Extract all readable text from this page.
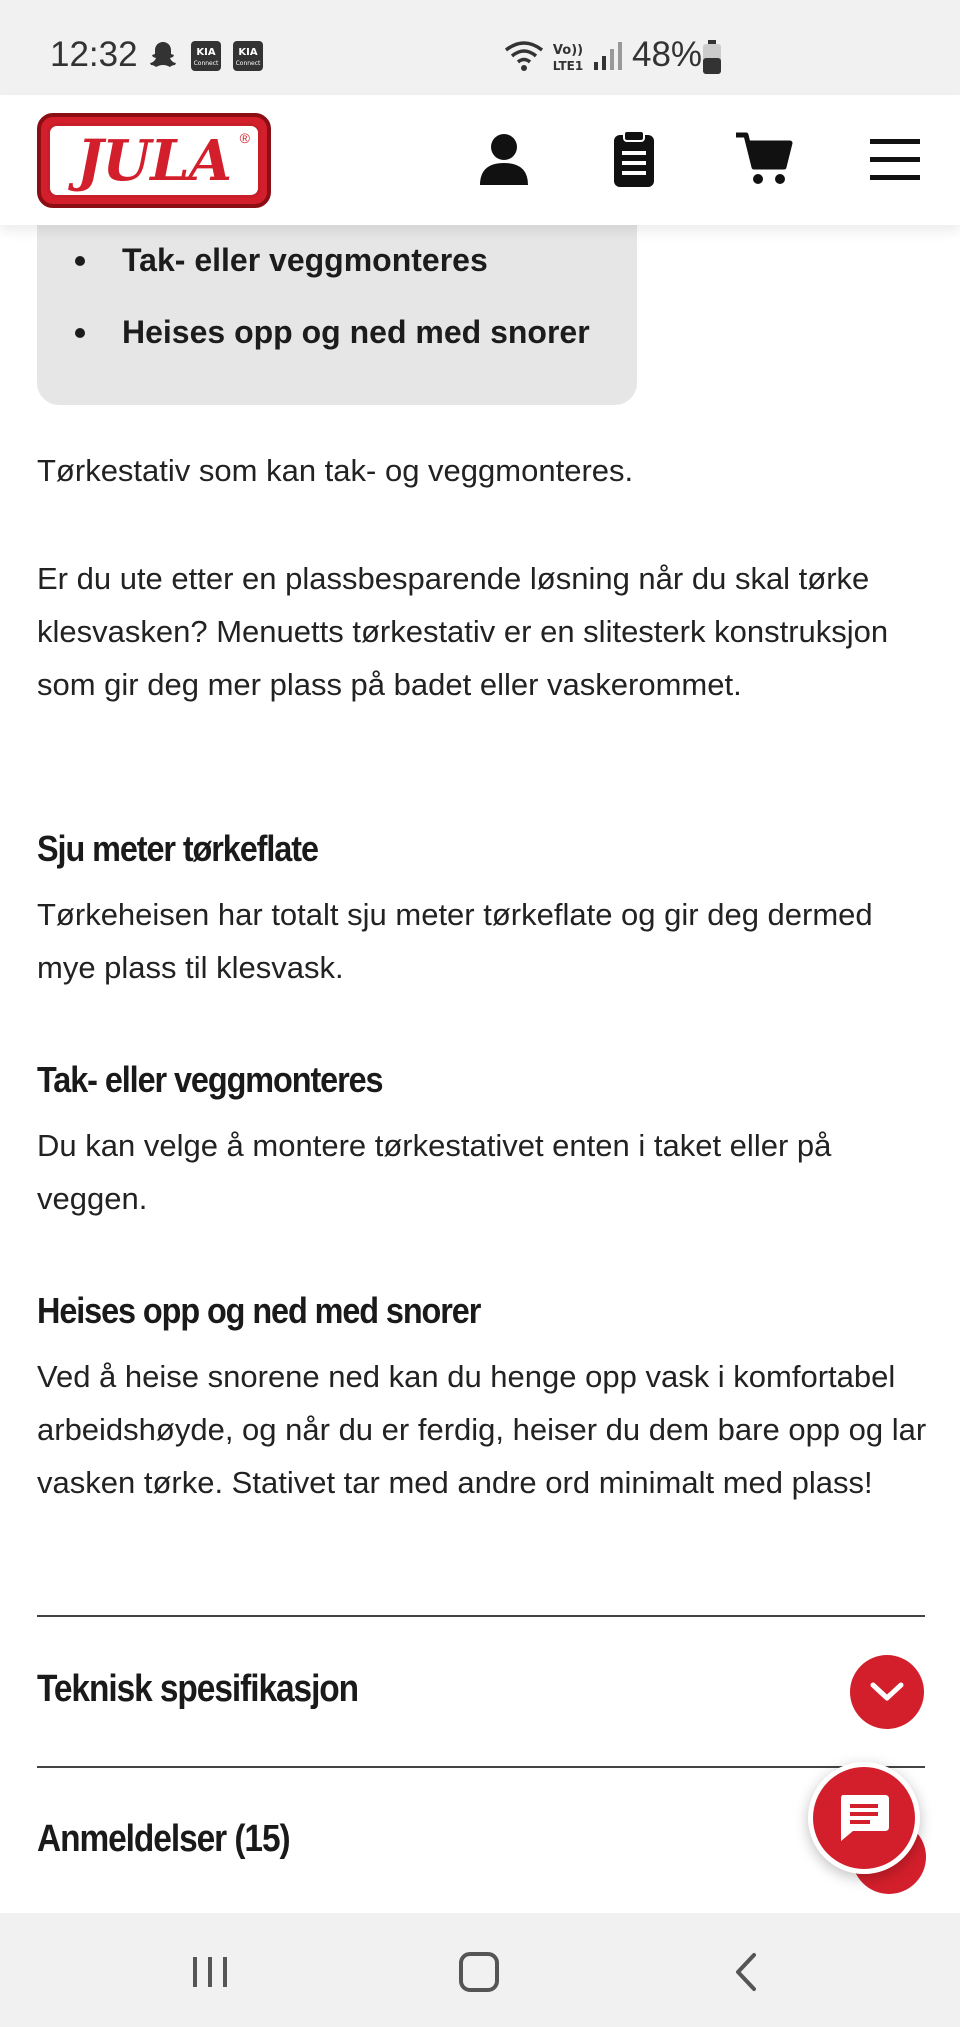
12:32	KIA
Connect
KIA
Connect
Vo))
LTE1 48%
JULA ®
Tak- eller veggmonteres
Heises opp og ned med snorer

Tørkestativ som kan tak- og veggmonteres.

Er du ute etter en plassbesparende løsning når du skal tørke klesvasken? Menuetts tørkestativ er en slitesterk konstruksjon som gir deg mer plass på badet eller vaskerommet.

Sju meter tørkeflate

Tørkeheisen har totalt sju meter tørkeflate og gir deg dermed mye plass til klesvask.

Tak- eller veggmonteres

Du kan velge å montere tørkestativet enten i taket eller på veggen.

Heises opp og ned med snorer

Ved å heise snorene ned kan du henge opp vask i komfortabel arbeidshøyde, og når du er ferdig, heiser du dem bare opp og lar vasken tørke. Stativet tar med andre ord minimalt med plass!

Teknisk spesifikasjon
Anmeldelser (15)
